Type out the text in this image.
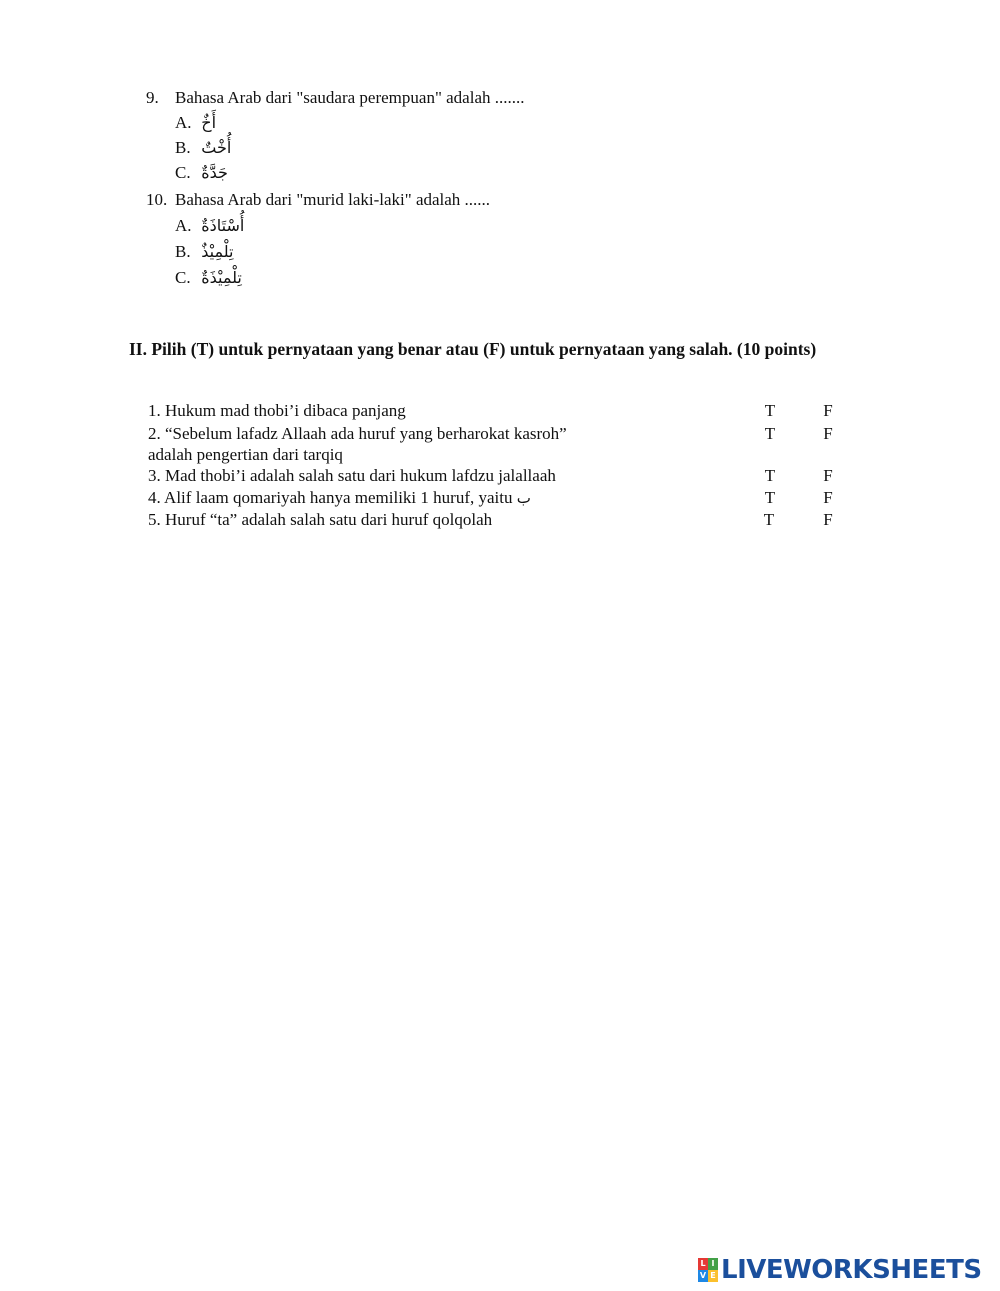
9. Bahasa Arab dari "saudara perempuan" adalah .......
A. أَخٌ
B. أُخْتٌ
C. جَدَّةٌ
10. Bahasa Arab dari "murid laki-laki" adalah ......
A. أُسْتَاذَةٌ
B. تِلْمِيْذٌ
C. تِلْمِيْذَةٌ
II. Pilih (T) untuk pernyataan yang benar atau (F) untuk pernyataan yang salah. (10 points)
1. Hukum mad thobi’i dibaca panjang	T	F
2. “Sebelum lafadz Allaah ada huruf yang berharokat kasroh”
adalah pengertian dari tarqiq
T	F
3. Mad thobi’i adalah salah satu dari hukum lafdzu jalallaah	T	F
4. Alif laam qomariyah hanya memiliki 1 huruf, yaitu ب	T	F
5. Huruf “ta” adalah salah satu dari huruf qolqolah	T	F
L I
V E LIVEWORKSHEETS
